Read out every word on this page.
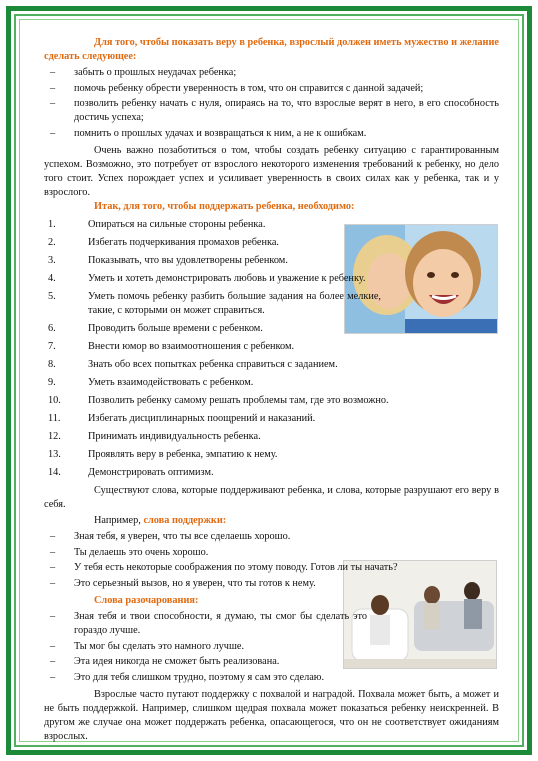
Для того, чтобы показать веру в ребенка, взрослый должен иметь мужество и желание сделать следующее:

– забыть о прошлых неудачах ребенка;
– помочь ребенку обрести уверенность в том, что он справится с данной задачей;
– позволить ребенку начать с нуля, опираясь на то, что взрослые верят в него, в его способность достичь успеха;
– помнить о прошлых удачах и возвращаться к ним, а не к ошибкам.

Очень важно позаботиться о том, чтобы создать ребенку ситуацию с гарантированным успехом. Возможно, это потребует от взрослого некоторого изменения требований к ребенку, но дело того стоит. Успех порождает успех и усиливает уверенность в своих силах как у ребенка, так и у взрослого.

Итак, для того, чтобы поддержать ребенка, необходимо:

1.	Опираться на сильные стороны ребенка.
2.	Избегать подчеркивания промахов ребенка.
3.	Показывать, что вы удовлетворены ребенком.
4.	Уметь и хотеть демонстрировать любовь и уважение к ребенку.
5.	Уметь помочь ребенку разбить большие задания на более мелкие, такие, с которыми он может справиться.
6.	Проводить больше времени с ребенком.
7.	Внести юмор во взаимоотношения с ребенком.
8.	Знать обо всех попытках ребенка справиться с заданием.
9.	Уметь взаимодействовать с ребенком.
10.	Позволить ребенку самому решать проблемы там, где это возможно.
11.	Избегать дисциплинарных поощрений и наказаний.
12.	Принимать индивидуальность ребенка.
13.	Проявлять веру в ребенка, эмпатию к нему.
14.	Демонстрировать оптимизм.

Существуют слова, которые поддерживают ребенка, и слова, которые разрушают его веру в себя.

Например, слова поддержки:

– Зная тебя, я уверен, что ты все сделаешь хорошо.
– Ты делаешь это очень хорошо.
– У тебя есть некоторые соображения по этому поводу. Готов ли ты начать?
– Это серьезный вызов, но я уверен, что ты готов к нему.

Слова разочарования:

– Зная тебя и твои способности, я думаю, ты смог бы сделать это гораздо лучше.
– Ты мог бы сделать это намного лучше.
– Эта идея никогда не сможет быть реализована.
– Это для тебя слишком трудно, поэтому я сам это сделаю.

Взрослые часто путают поддержку с похвалой и наградой. Похвала может быть, а может и не быть поддержкой. Например, слишком щедрая похвала может показаться ребенку неискренней. В другом же случае она может поддержать ребенка, опасающегося, что он не соответствует ожиданиям взрослых.
